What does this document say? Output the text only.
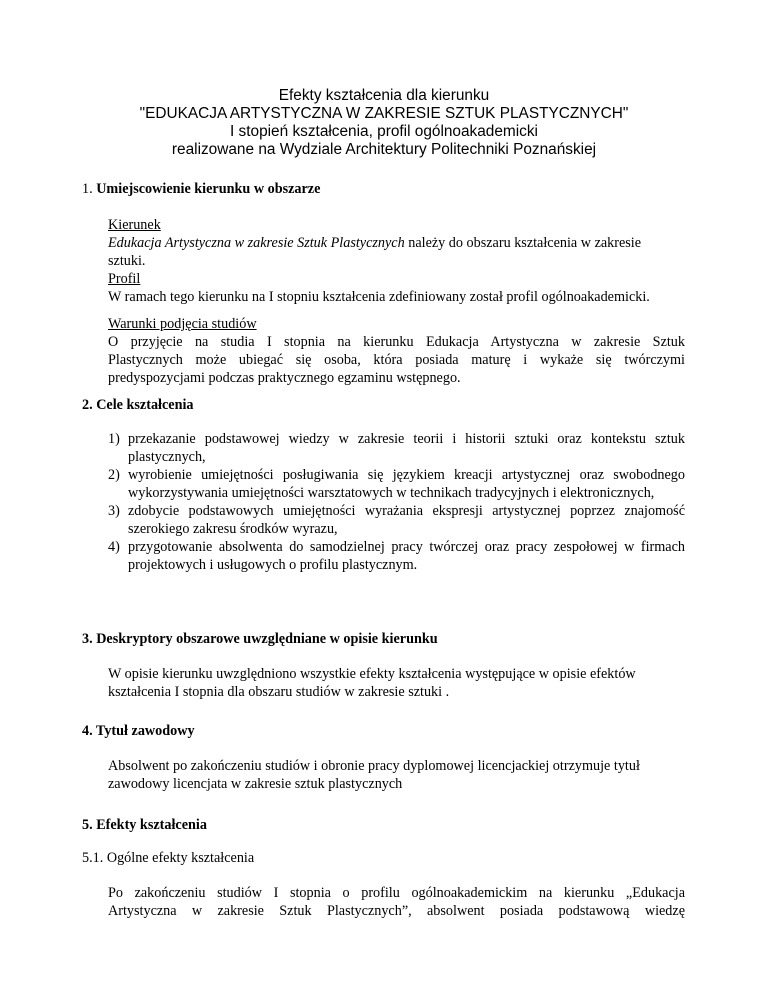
Efekty kształcenia dla kierunku
"EDUKACJA ARTYSTYCZNA W ZAKRESIE SZTUK PLASTYCZNYCH"
I stopień kształcenia, profil ogólnoakademicki
realizowane na Wydziale Architektury Politechniki Poznańskiej
1. Umiejscowienie kierunku w obszarze
Kierunek
Edukacja Artystyczna w zakresie Sztuk Plastycznych należy do obszaru kształcenia w zakresie
sztuki.
Profil
W ramach tego kierunku na I stopniu kształcenia zdefiniowany został profil ogólnoakademicki.
Warunki podjęcia studiów
O przyjęcie na studia I stopnia na kierunku Edukacja Artystyczna w zakresie Sztuk
Plastycznych może ubiegać się osoba, która posiada maturę i wykaże się twórczymi
predyspozycjami podczas praktycznego egzaminu wstępnego.
2. Cele kształcenia
1) przekazanie podstawowej wiedzy w zakresie teorii i historii sztuki oraz kontekstu sztuk plastycznych,
2) wyrobienie umiejętności posługiwania się językiem kreacji artystycznej oraz swobodnego wykorzystywania umiejętności warsztatowych w technikach tradycyjnych i elektronicznych,
3) zdobycie podstawowych umiejętności wyrażania ekspresji artystycznej poprzez znajomość szerokiego zakresu środków wyrazu,
4) przygotowanie absolwenta do samodzielnej pracy twórczej oraz pracy zespołowej w firmach projektowych i usługowych o profilu plastycznym.
3. Deskryptory obszarowe uwzględniane w opisie kierunku
W opisie kierunku uwzględniono wszystkie efekty kształcenia występujące w opisie efektów
kształcenia I stopnia dla obszaru studiów w zakresie sztuki .
4. Tytuł zawodowy
Absolwent po zakończeniu studiów i obronie pracy dyplomowej licencjackiej otrzymuje tytuł
zawodowy licencjata w zakresie sztuk plastycznych
5. Efekty kształcenia
5.1. Ogólne efekty kształcenia
Po zakończeniu studiów I stopnia o profilu ogólnoakademickim na kierunku „Edukacja
Artystyczna w zakresie Sztuk Plastycznych”, absolwent posiada podstawową wiedzę
